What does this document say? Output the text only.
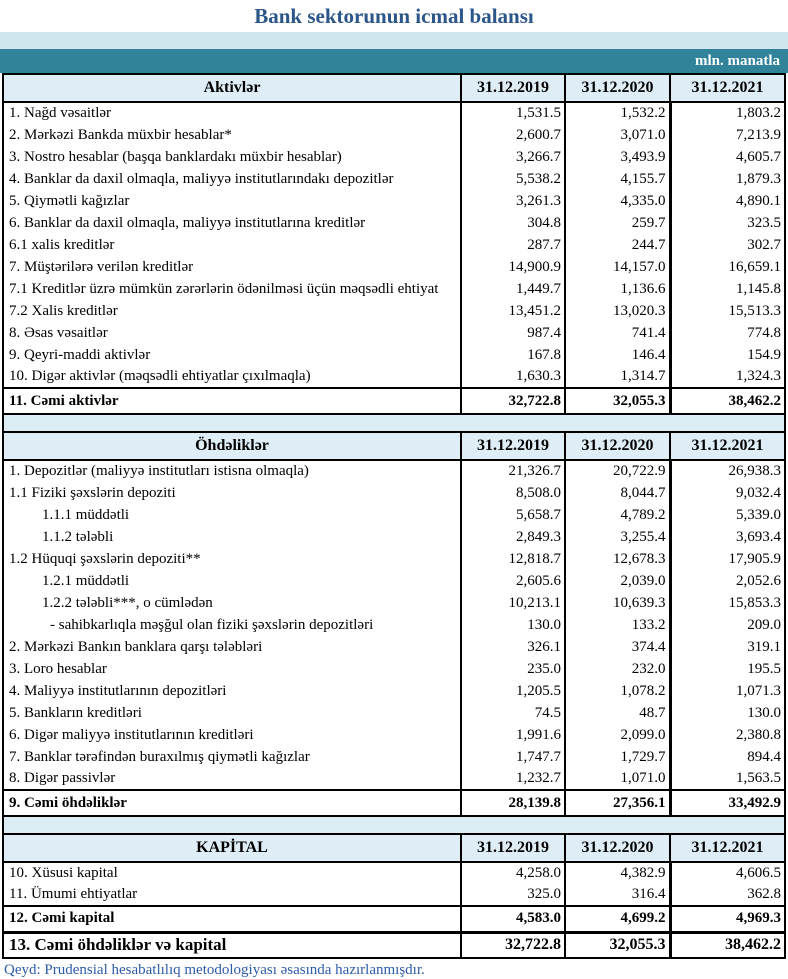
Bank sektorunun icmal balansı
mln. manatla
Aktivlər	31.12.2019	31.12.2020	31.12.2021
1. Nağd vəsaitlər	1,531.5	1,532.2	1,803.2
2. Mərkəzi Bankda müxbir hesablar*	2,600.7	3,071.0	7,213.9
3. Nostro hesablar (başqa banklardakı müxbir hesablar)	3,266.7	3,493.9	4,605.7
4. Banklar da daxil olmaqla, maliyyə institutlarındakı depozitlər	5,538.2	4,155.7	1,879.3
5. Qiymətli kağızlar	3,261.3	4,335.0	4,890.1
6. Banklar da daxil olmaqla, maliyyə institutlarına kreditlər	304.8	259.7	323.5
6.1 xalis kreditlər	287.7	244.7	302.7
7. Müştərilərə verilən kreditlər	14,900.9	14,157.0	16,659.1
7.1 Kreditlər üzrə mümkün zərərlərin ödənilməsi üçün məqsədli ehtiyat	1,449.7	1,136.6	1,145.8
7.2 Xalis kreditlər	13,451.2	13,020.3	15,513.3
8. Əsas vəsaitlər	987.4	741.4	774.8
9. Qeyri-maddi aktivlər	167.8	146.4	154.9
10. Digər aktivlər (məqsədli ehtiyatlar çıxılmaqla)	1,630.3	1,314.7	1,324.3
11. Cəmi aktivlər	32,722.8	32,055.3	38,462.2
Öhdəliklər	31.12.2019	31.12.2020	31.12.2021
1. Depozitlər (maliyyə institutları istisna olmaqla)	21,326.7	20,722.9	26,938.3
1.1 Fiziki şəxslərin depoziti	8,508.0	8,044.7	9,032.4
1.1.1 müddətli	5,658.7	4,789.2	5,339.0
1.1.2 tələbli	2,849.3	3,255.4	3,693.4
1.2 Hüquqi şəxslərin depoziti**	12,818.7	12,678.3	17,905.9
1.2.1 müddətli	2,605.6	2,039.0	2,052.6
1.2.2 tələbli***, o cümlədən	10,213.1	10,639.3	15,853.3
- sahibkarlıqla məşğul olan fiziki şəxslərin depozitləri	130.0	133.2	209.0
2. Mərkəzi Bankın banklara qarşı tələbləri	326.1	374.4	319.1
3. Loro hesablar	235.0	232.0	195.5
4. Maliyyə institutlarının depozitləri	1,205.5	1,078.2	1,071.3
5. Bankların kreditləri	74.5	48.7	130.0
6. Digər maliyyə institutlarının kreditləri	1,991.6	2,099.0	2,380.8
7. Banklar tərəfindən buraxılmış qiymətli kağızlar	1,747.7	1,729.7	894.4
8. Digər passivlər	1,232.7	1,071.0	1,563.5
9. Cəmi öhdəliklər	28,139.8	27,356.1	33,492.9
KAPİTAL	31.12.2019	31.12.2020	31.12.2021
10. Xüsusi kapital	4,258.0	4,382.9	4,606.5
11. Ümumi ehtiyatlar	325.0	316.4	362.8
12. Cəmi kapital	4,583.0	4,699.2	4,969.3
13. Cəmi öhdəliklər və kapital	32,722.8	32,055.3	38,462.2
Qeyd: Prudensial hesabatlılıq metodologiyası əsasında hazırlanmışdır.
